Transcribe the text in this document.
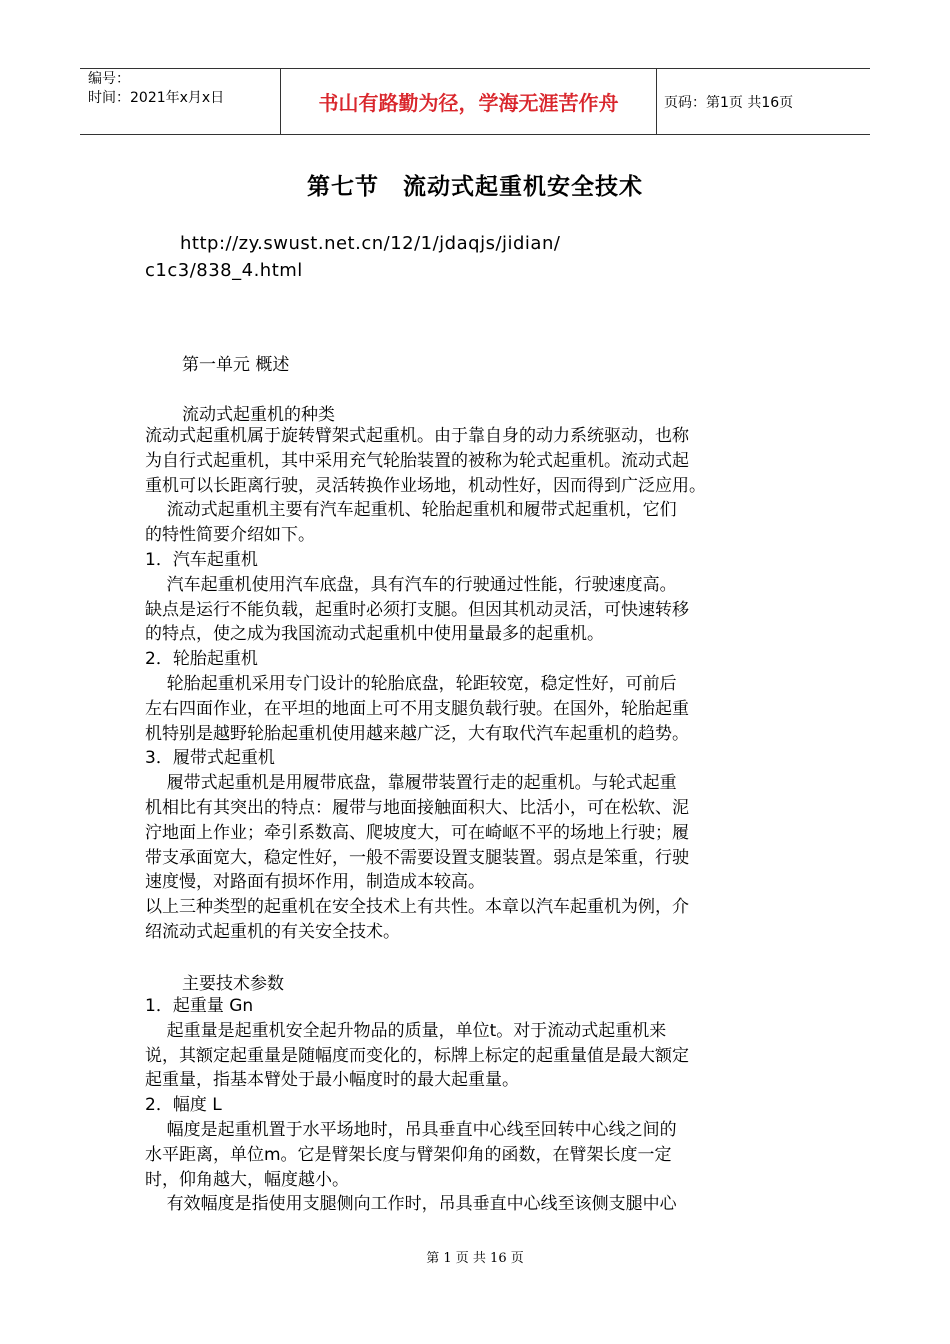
编号：
时间：2021年x月x日	书山有路勤为径，学海无涯苦作舟	页码：第1页 共16页
第七节　流动式起重机安全技术
http://zy.swust.net.cn/12/1/jdaqjs/jidian/
c1c3/838_4.html
第一单元 概述
流动式起重机的种类
流动式起重机属于旋转臂架式起重机。由于靠自身的动力系统驱动，也称
为自行式起重机，其中采用充气轮胎装置的被称为轮式起重机。流动式起
重机可以长距离行驶，灵活转换作业场地，机动性好，因而得到广泛应用。
流动式起重机主要有汽车起重机、轮胎起重机和履带式起重机，它们
的特性简要介绍如下。
1．汽车起重机
汽车起重机使用汽车底盘，具有汽车的行驶通过性能，行驶速度高。
缺点是运行不能负载，起重时必须打支腿。但因其机动灵活，可快速转移
的特点，使之成为我国流动式起重机中使用量最多的起重机。
2．轮胎起重机
轮胎起重机采用专门设计的轮胎底盘，轮距较宽，稳定性好，可前后
左右四面作业，在平坦的地面上可不用支腿负载行驶。在国外，轮胎起重
机特别是越野轮胎起重机使用越来越广泛，大有取代汽车起重机的趋势。
3．履带式起重机
履带式起重机是用履带底盘，靠履带装置行走的起重机。与轮式起重
机相比有其突出的特点：履带与地面接触面积大、比活小，可在松软、泥
泞地面上作业；牵引系数高、爬坡度大，可在崎岖不平的场地上行驶；履
带支承面宽大，稳定性好，一般不需要设置支腿装置。弱点是笨重，行驶
速度慢，对路面有损坏作用，制造成本较高。
以上三种类型的起重机在安全技术上有共性。本章以汽车起重机为例，介
绍流动式起重机的有关安全技术。
主要技术参数
1．起重量 Gn
起重量是起重机安全起升物品的质量，单位t。对于流动式起重机来
说，其额定起重量是随幅度而变化的，标牌上标定的起重量值是最大额定
起重量，指基本臂处于最小幅度时的最大起重量。
2．幅度 L
幅度是起重机置于水平场地时，吊具垂直中心线至回转中心线之间的
水平距离，单位m。它是臂架长度与臂架仰角的函数，在臂架长度一定
时，仰角越大，幅度越小。
有效幅度是指使用支腿侧向工作时，吊具垂直中心线至该侧支腿中心
第 1 页 共 16 页
